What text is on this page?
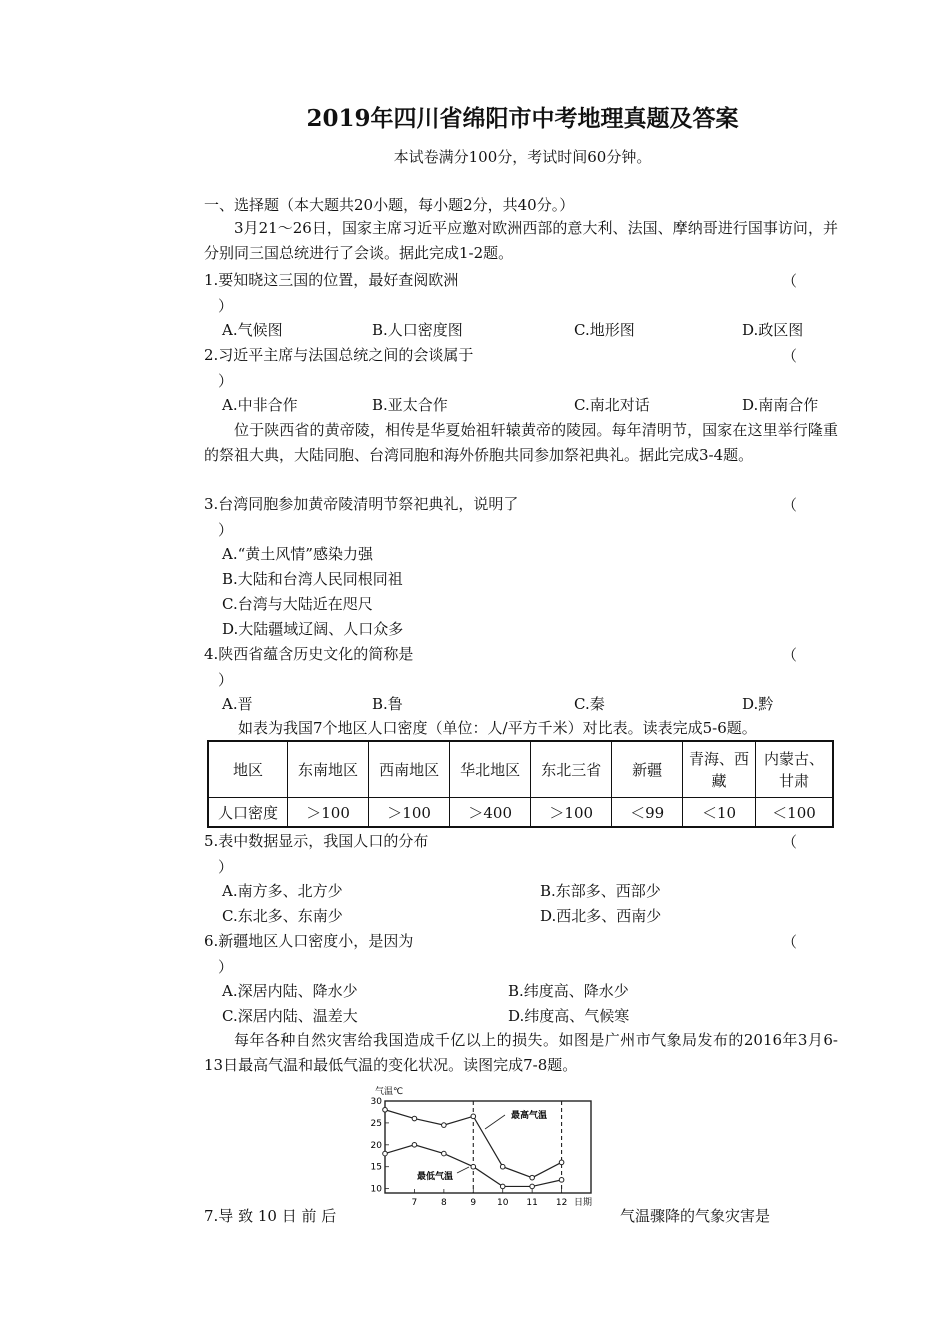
2019年四川省绵阳市中考地理真题及答案
本试卷满分100分，考试时间60分钟。
一、选择题（本大题共20小题，每小题2分，共40分。）
3月21～26日，国家主席习近平应邀对欧洲西部的意大利、法国、摩纳哥进行国事访问，并分别同三国总统进行了会谈。据此完成1-2题。
1.要知晓这三国的位置，最好查阅欧洲	（
）
A.气候图	B.人口密度图	C.地形图	D.政区图
2.习近平主席与法国总统之间的会谈属于	（
）
A.中非合作	B.亚太合作	C.南北对话	D.南南合作
位于陕西省的黄帝陵，相传是华夏始祖轩辕黄帝的陵园。每年清明节，国家在这里举行隆重的祭祖大典，大陆同胞、台湾同胞和海外侨胞共同参加祭祀典礼。据此完成3-4题。
3.台湾同胞参加黄帝陵清明节祭祀典礼，说明了	（
）
A.“黄土风情”感染力强
B.大陆和台湾人民同根同祖
C.台湾与大陆近在咫尺
D.大陆疆域辽阔、人口众多
4.陕西省蕴含历史文化的简称是	（
）
A.晋	B.鲁	C.秦	D.黔
如表为我国7个地区人口密度（单位：人/平方千米）对比表。读表完成5-6题。
地区	东南地区	西南地区	华北地区	东北三省	新疆	青海、西藏	内蒙古、甘肃
人口密度	＞100	＞100	＞400	＞100	＜99	＜10	＜100
5.表中数据显示，我国人口的分布	（
）
A.南方多、北方少	B.东部多、西部少
C.东北多、东南少	D.西北多、西南少
6.新疆地区人口密度小，是因为	（
）
A.深居内陆、降水少	B.纬度高、降水少
C.深居内陆、温差大	D.纬度高、气候寒
每年各种自然灾害给我国造成千亿以上的损失。如图是广州市气象局发布的2016年3月6-13日最高气温和最低气温的变化状况。读图完成7-8题。
气温℃
30
25
20
15
10
7	8	9 10 11 12
最高气温
最低气温
日期
7.导 致 10 日 前 后	气温骤降的气象灾害是
